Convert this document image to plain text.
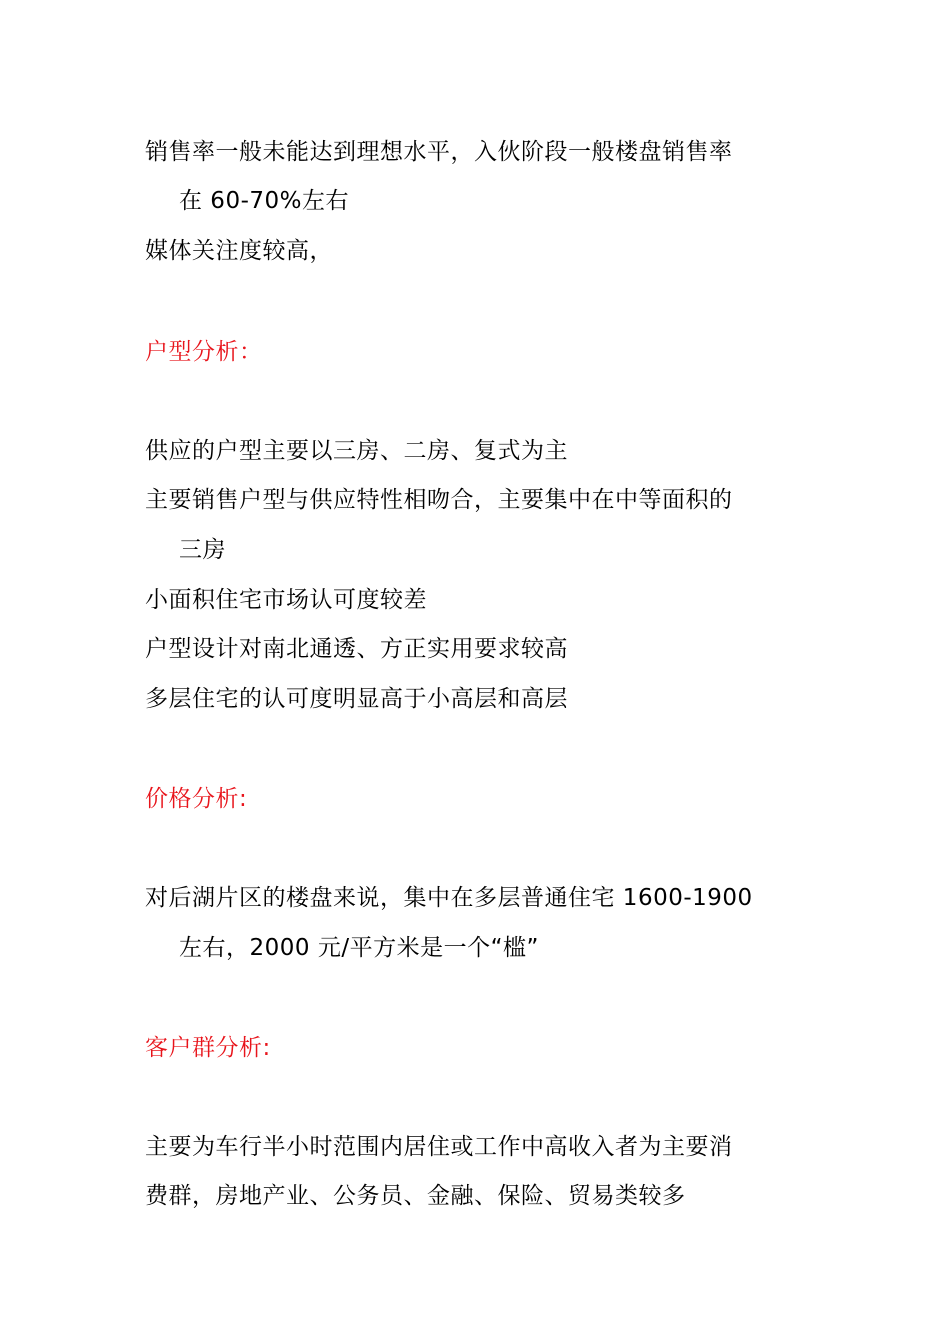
销售率一般未能达到理想水平，入伙阶段一般楼盘销售率
在 60-70%左右
媒体关注度较高，
户型分析：
供应的户型主要以三房、二房、复式为主
主要销售户型与供应特性相吻合，主要集中在中等面积的
三房
小面积住宅市场认可度较差
户型设计对南北通透、方正实用要求较高
多层住宅的认可度明显高于小高层和高层
价格分析:
对后湖片区的楼盘来说，集中在多层普通住宅 1600-1900
左右，2000 元/平方米是一个“槛”
客户群分析:
主要为车行半小时范围内居住或工作中高收入者为主要消
费群，房地产业、公务员、金融、保险、贸易类较多
